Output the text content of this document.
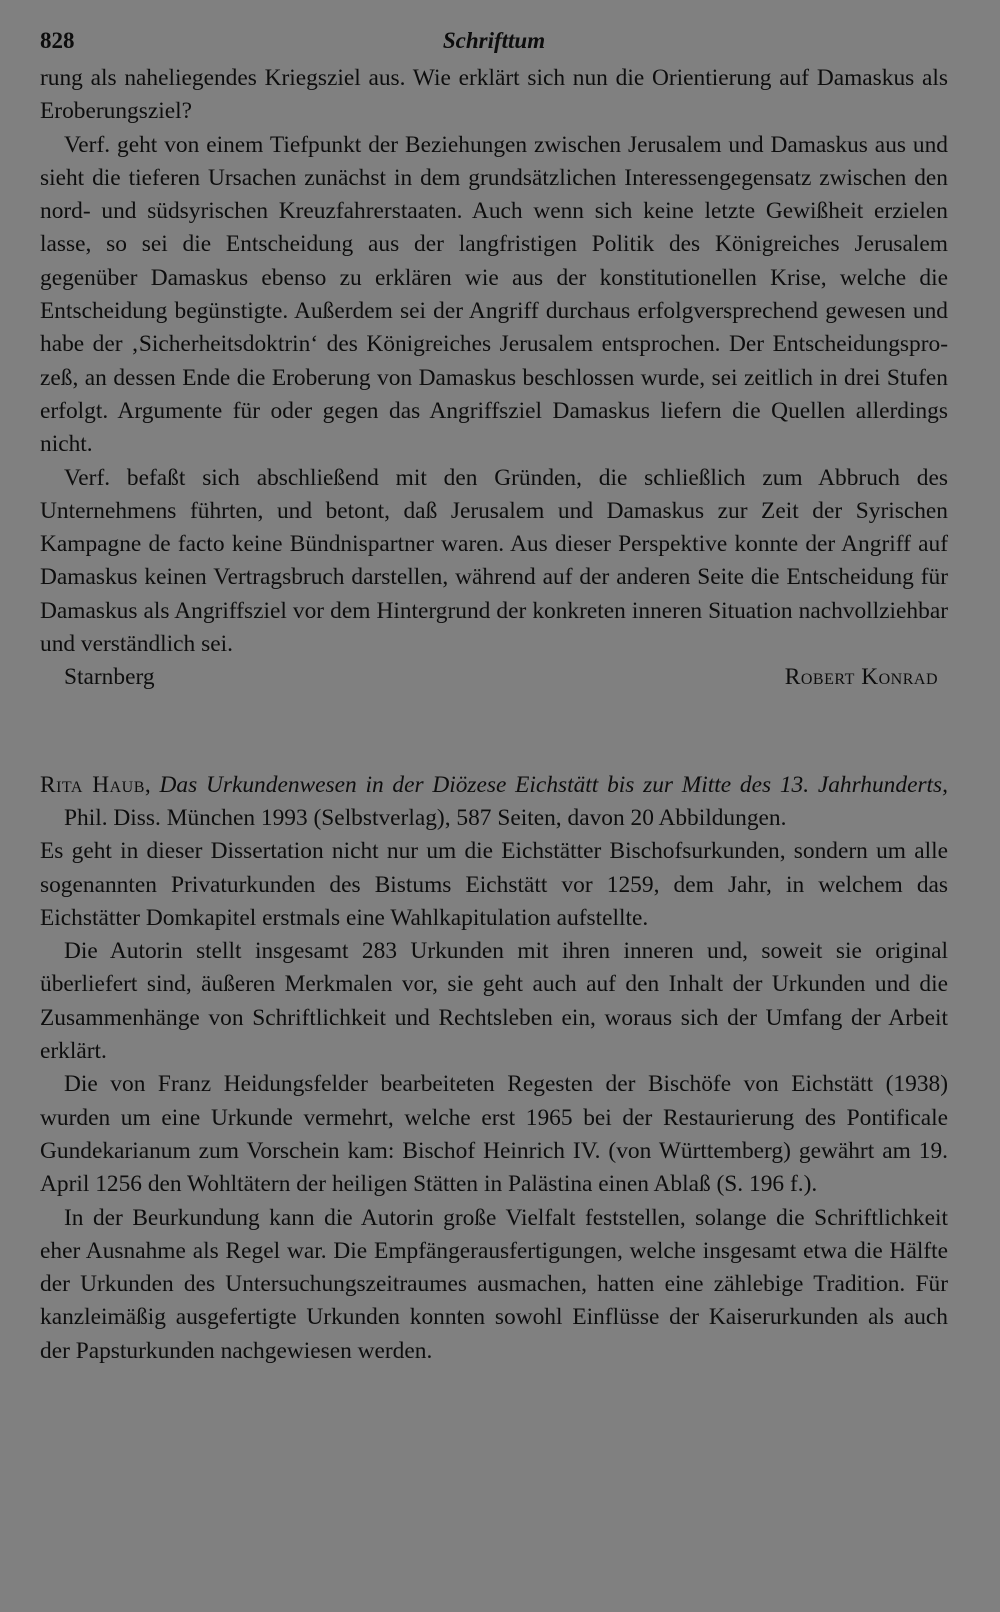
828	Schrifttum

rung als naheliegendes Kriegsziel aus. Wie erklärt sich nun die Orientierung auf Damaskus als Eroberungsziel?

Verf. geht von einem Tiefpunkt der Beziehungen zwischen Jerusalem und Damaskus aus und sieht die tieferen Ursachen zunächst in dem grundsätzlichen Interessengegensatz zwischen den nord- und südsyrischen Kreuzfahrerstaaten. Auch wenn sich keine letzte Gewißheit erzielen lasse, so sei die Entscheidung aus der langfristigen Politik des Königreiches Jerusalem gegenüber Damaskus ebenso zu erklären wie aus der konstitutionellen Krise, welche die Entscheidung begünstigte. Außerdem sei der Angriff durchaus erfolgversprechend gewesen und habe der ‚Sicherheitsdoktrin‘ des Königreiches Jerusalem entsprochen. Der Entscheidungsprozeß, an dessen Ende die Eroberung von Damaskus beschlossen wurde, sei zeitlich in drei Stufen erfolgt. Argumente für oder gegen das Angriffsziel Damaskus liefern die Quellen allerdings nicht.

Verf. befaßt sich abschließend mit den Gründen, die schließlich zum Abbruch des Unternehmens führten, und betont, daß Jerusalem und Damaskus zur Zeit der Syrischen Kampagne de facto keine Bündnispartner waren. Aus dieser Perspektive konnte der Angriff auf Damaskus keinen Vertragsbruch darstellen, während auf der anderen Seite die Entscheidung für Damaskus als Angriffsziel vor dem Hintergrund der konkreten inneren Situation nachvollziehbar und verständlich sei.

Starnberg	Robert Konrad

Rita Haub, Das Urkundenwesen in der Diözese Eichstätt bis zur Mitte des 13. Jahrhunderts, Phil. Diss. München 1993 (Selbstverlag), 587 Seiten, davon 20 Abbildungen.

Es geht in dieser Dissertation nicht nur um die Eichstätter Bischofsurkunden, sondern um alle sogenannten Privaturkunden des Bistums Eichstätt vor 1259, dem Jahr, in welchem das Eichstätter Domkapitel erstmals eine Wahlkapitulation aufstellte.

Die Autorin stellt insgesamt 283 Urkunden mit ihren inneren und, soweit sie original überliefert sind, äußeren Merkmalen vor, sie geht auch auf den Inhalt der Urkunden und die Zusammenhänge von Schriftlichkeit und Rechtsleben ein, woraus sich der Umfang der Arbeit erklärt.

Die von Franz Heidungsfelder bearbeiteten Regesten der Bischöfe von Eichstätt (1938) wurden um eine Urkunde vermehrt, welche erst 1965 bei der Restaurierung des Pontificale Gundekarianum zum Vorschein kam: Bischof Heinrich IV. (von Württemberg) gewährt am 19. April 1256 den Wohltätern der heiligen Stätten in Palästina einen Ablaß (S. 196 f.).

In der Beurkundung kann die Autorin große Vielfalt feststellen, solange die Schriftlichkeit eher Ausnahme als Regel war. Die Empfängerausfertigungen, welche insgesamt etwa die Hälfte der Urkunden des Untersuchungszeitraumes ausmachen, hatten eine zählebige Tradition. Für kanzleimäßig ausgefertigte Urkunden konnten sowohl Einflüsse der Kaiserurkunden als auch der Papsturkunden nachgewiesen werden.
